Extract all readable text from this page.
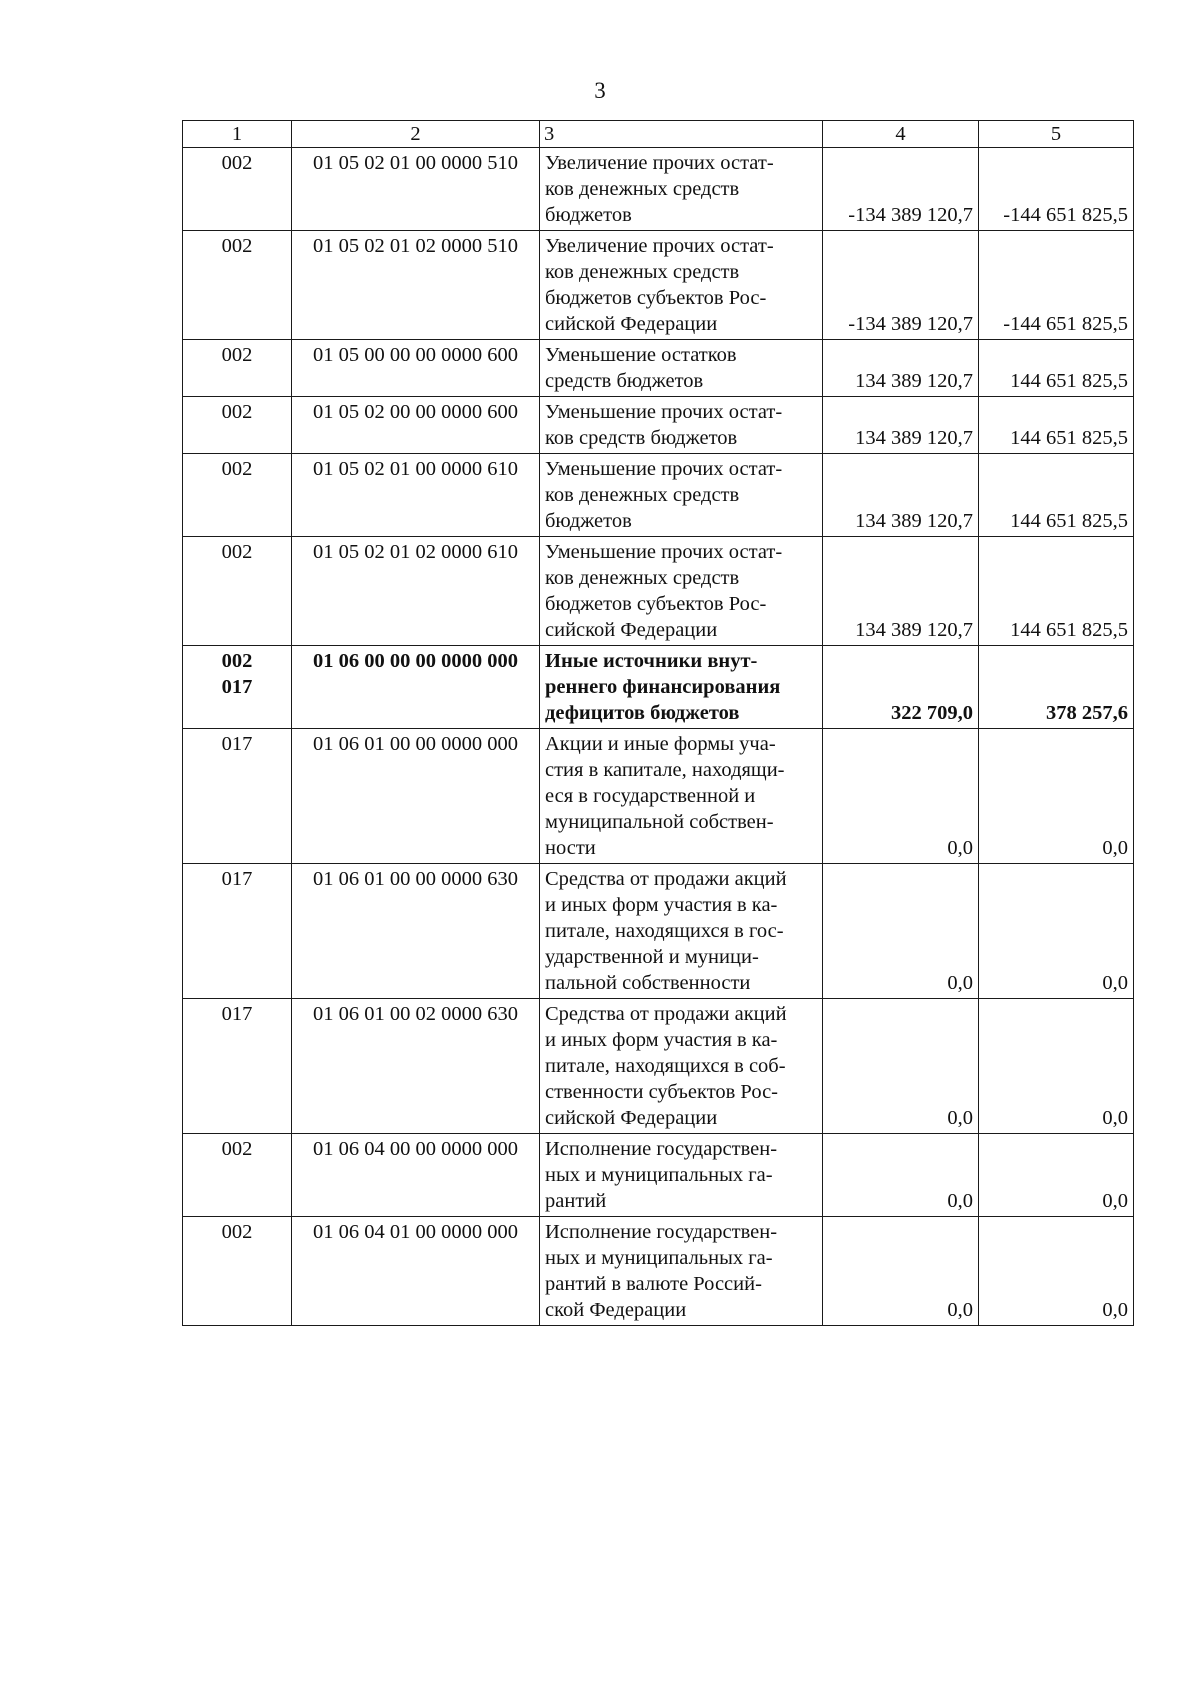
3
1	2	3	4	5
002	01 05 02 01 00 0000 510	Увеличение прочих остат-
ков денежных средств
бюджетов	-134 389 120,7	-144 651 825,5
002	01 05 02 01 02 0000 510	Увеличение прочих остат-
ков денежных средств
бюджетов субъектов Рос-
сийской Федерации	-134 389 120,7	-144 651 825,5
002	01 05 00 00 00 0000 600	Уменьшение остатков
средств бюджетов	134 389 120,7	144 651 825,5
002	01 05 02 00 00 0000 600	Уменьшение прочих остат-
ков средств бюджетов	134 389 120,7	144 651 825,5
002	01 05 02 01 00 0000 610	Уменьшение прочих остат-
ков денежных средств
бюджетов	134 389 120,7	144 651 825,5
002	01 05 02 01 02 0000 610	Уменьшение прочих остат-
ков денежных средств
бюджетов субъектов Рос-
сийской Федерации	134 389 120,7	144 651 825,5
002
017	01 06 00 00 00 0000 000	Иные источники внут-
реннего финансирования
дефицитов бюджетов	322 709,0	378 257,6
017	01 06 01 00 00 0000 000	Акции и иные формы уча-
стия в капитале, находящи-
еся в государственной и
муниципальной собствен-
ности	0,0	0,0
017	01 06 01 00 00 0000 630	Средства от продажи акций
и иных форм участия в ка-
питале, находящихся в гос-
ударственной и муници-
пальной собственности	0,0	0,0
017	01 06 01 00 02 0000 630	Средства от продажи акций
и иных форм участия в ка-
питале, находящихся в соб-
ственности субъектов Рос-
сийской Федерации	0,0	0,0
002	01 06 04 00 00 0000 000	Исполнение государствен-
ных и муниципальных га-
рантий	0,0	0,0
002	01 06 04 01 00 0000 000	Исполнение государствен-
ных и муниципальных га-
рантий в валюте Россий-
ской Федерации	0,0	0,0
